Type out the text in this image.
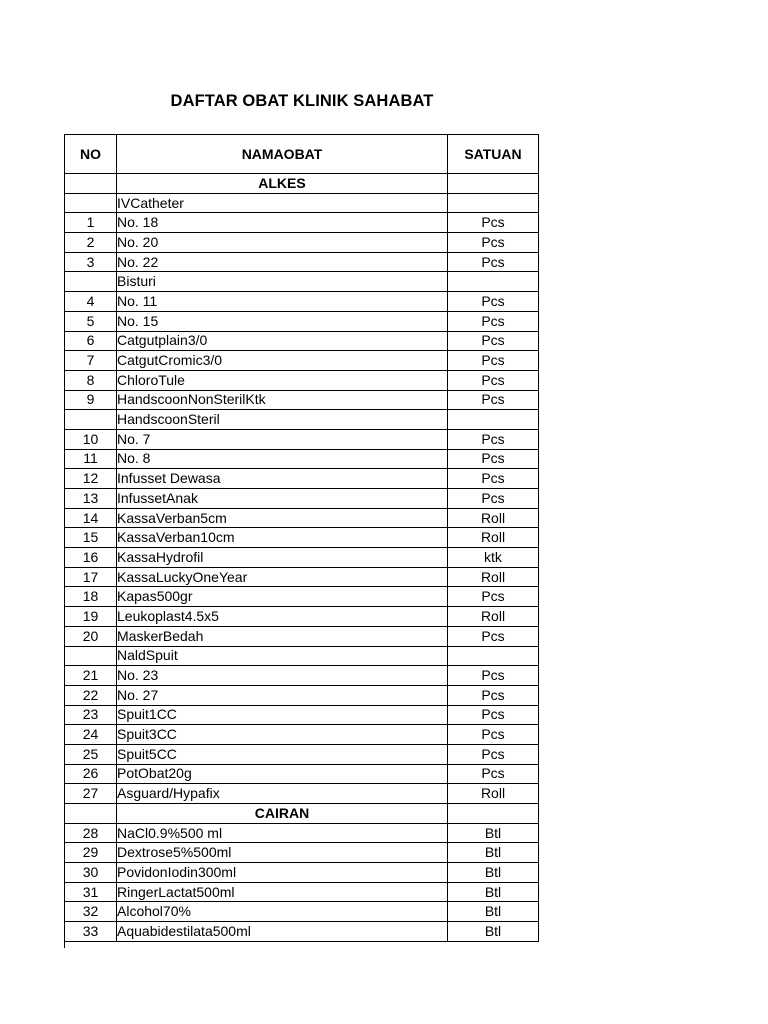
DAFTAR OBAT KLINIK SAHABAT
NO	NAMAOBAT	SATUAN
	ALKES	
	IVCatheter	
1	No. 18	Pcs
2	No. 20	Pcs
3	No. 22	Pcs
	Bisturi	
4	No. 11	Pcs
5	No. 15	Pcs
6	Catgutplain3/0	Pcs
7	CatgutCromic3/0	Pcs
8	ChloroTule	Pcs
9	HandscoonNonSterilKtk	Pcs
	HandscoonSteril	
10	No. 7	Pcs
11	No. 8	Pcs
12	Infusset Dewasa	Pcs
13	InfussetAnak	Pcs
14	KassaVerban5cm	Roll
15	KassaVerban10cm	Roll
16	KassaHydrofil	ktk
17	KassaLuckyOneYear	Roll
18	Kapas500gr	Pcs
19	Leukoplast4.5x5	Roll
20	MaskerBedah	Pcs
	NaldSpuit	
21	No. 23	Pcs
22	No. 27	Pcs
23	Spuit1CC	Pcs
24	Spuit3CC	Pcs
25	Spuit5CC	Pcs
26	PotObat20g	Pcs
27	Asguard/Hypafix	Roll
	CAIRAN	
28	NaCl0.9%500 ml	Btl
29	Dextrose5%500ml	Btl
30	PovidonIodin300ml	Btl
31	RingerLactat500ml	Btl
32	Alcohol70%	Btl
33	Aquabidestilata500ml	Btl
